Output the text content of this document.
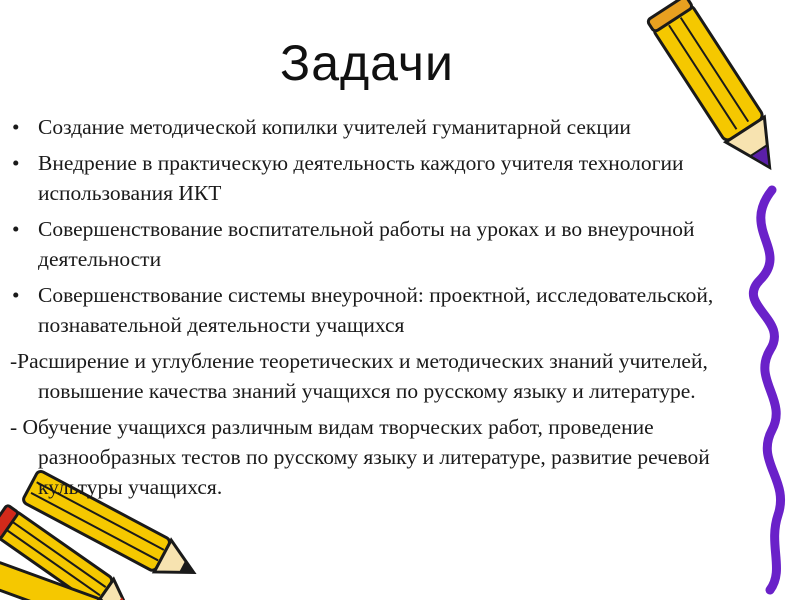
Задачи
• Создание методической копилки учителей гуманитарной секции
• Внедрение в практическую деятельность каждого учителя технологии использования ИКТ
• Совершенствование воспитательной работы на уроках и во внеурочной деятельности
• Совершенствование системы внеурочной: проектной, исследовательской, познавательной деятельности учащихся

-Расширение и углубление теоретических и методических знаний учителей, повышение качества знаний учащихся по русскому языку и литературе.

- Обучение учащихся различным видам творческих работ, проведение разнообразных тестов по русскому языку и литературе, развитие речевой культуры учащихся.
